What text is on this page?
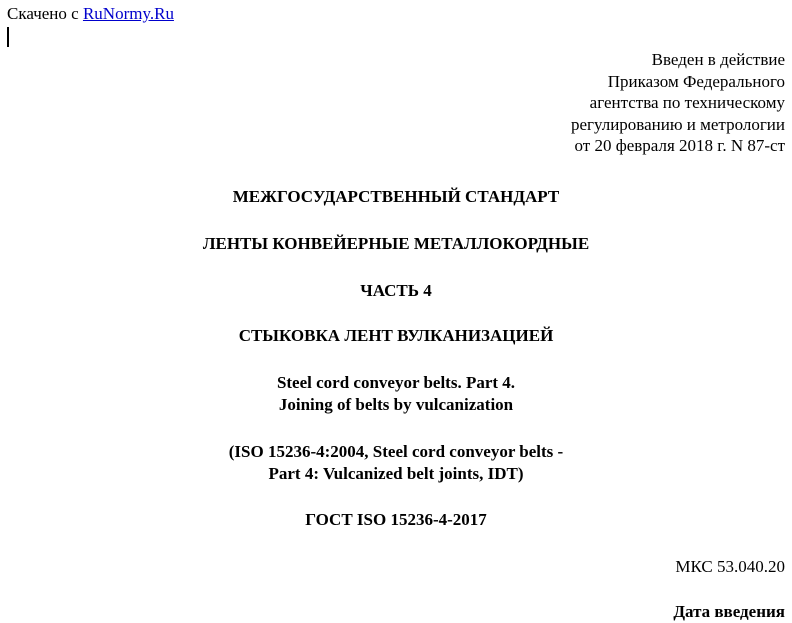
Скачено с RuNormy.Ru
Введен в действие
Приказом Федерального
агентства по техническому
регулированию и метрологии
от 20 февраля 2018 г. N 87-ст
МЕЖГОСУДАРСТВЕННЫЙ СТАНДАРТ
ЛЕНТЫ КОНВЕЙЕРНЫЕ МЕТАЛЛОКОРДНЫЕ
ЧАСТЬ 4
СТЫКОВКА ЛЕНТ ВУЛКАНИЗАЦИЕЙ
Steel cord conveyor belts. Part 4.
Joining of belts by vulcanization
(ISO 15236-4:2004, Steel cord conveyor belts -
Part 4: Vulcanized belt joints, IDT)
ГОСТ ISO 15236-4-2017
МКС 53.040.20
Дата введения
